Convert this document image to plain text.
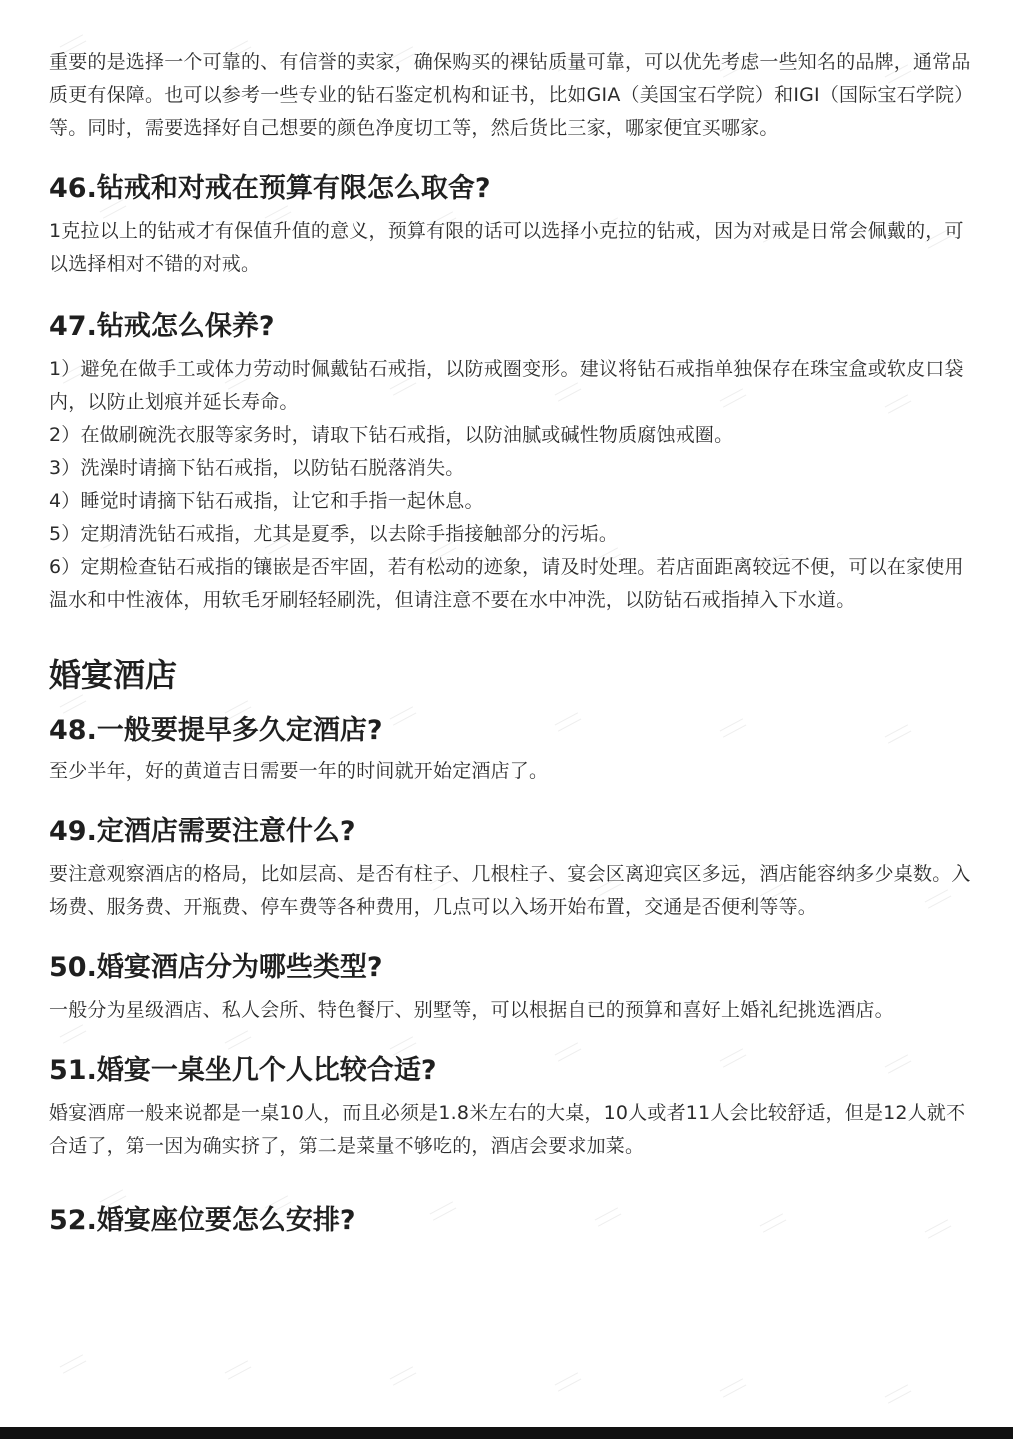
重要的是选择一个可靠的、有信誉的卖家，确保购买的裸钻质量可靠，可以优先考虑一些知名的品牌，通常品质更有保障。也可以参考一些专业的钻石鉴定机构和证书，比如GIA（美国宝石学院）和IGI（国际宝石学院）等。同时，需要选择好自己想要的颜色净度切工等，然后货比三家，哪家便宜买哪家。

46.钻戒和对戒在预算有限怎么取舍?

1克拉以上的钻戒才有保值升值的意义，预算有限的话可以选择小克拉的钻戒，因为对戒是日常会佩戴的，可以选择相对不错的对戒。

47.钻戒怎么保养?

1）避免在做手工或体力劳动时佩戴钻石戒指，以防戒圈变形。建议将钻石戒指单独保存在珠宝盒或软皮口袋内，以防止划痕并延长寿命。

2）在做刷碗洗衣服等家务时，请取下钻石戒指，以防油腻或碱性物质腐蚀戒圈。

3）洗澡时请摘下钻石戒指，以防钻石脱落消失。

4）睡觉时请摘下钻石戒指，让它和手指一起休息。

5）定期清洗钻石戒指，尤其是夏季，以去除手指接触部分的污垢。

6）定期检查钻石戒指的镶嵌是否牢固，若有松动的迹象，请及时处理。若店面距离较远不便，可以在家使用温水和中性液体，用软毛牙刷轻轻刷洗，但请注意不要在水中冲洗，以防钻石戒指掉入下水道。

婚宴酒店
48.一般要提早多久定酒店?

至少半年，好的黄道吉日需要一年的时间就开始定酒店了。

49.定酒店需要注意什么?

要注意观察酒店的格局，比如层高、是否有柱子、几根柱子、宴会区离迎宾区多远，酒店能容纳多少桌数。入场费、服务费、开瓶费、停车费等各种费用，几点可以入场开始布置，交通是否便利等等。

50.婚宴酒店分为哪些类型?

一般分为星级酒店、私人会所、特色餐厅、别墅等，可以根据自已的预算和喜好上婚礼纪挑选酒店。

51.婚宴一桌坐几个人比较合适?

婚宴酒席一般来说都是一桌10人，而且必须是1.8米左右的大桌，10人或者11人会比较舒适，但是12人就不合适了，第一因为确实挤了，第二是菜量不够吃的，酒店会要求加菜。

52.婚宴座位要怎么安排?
